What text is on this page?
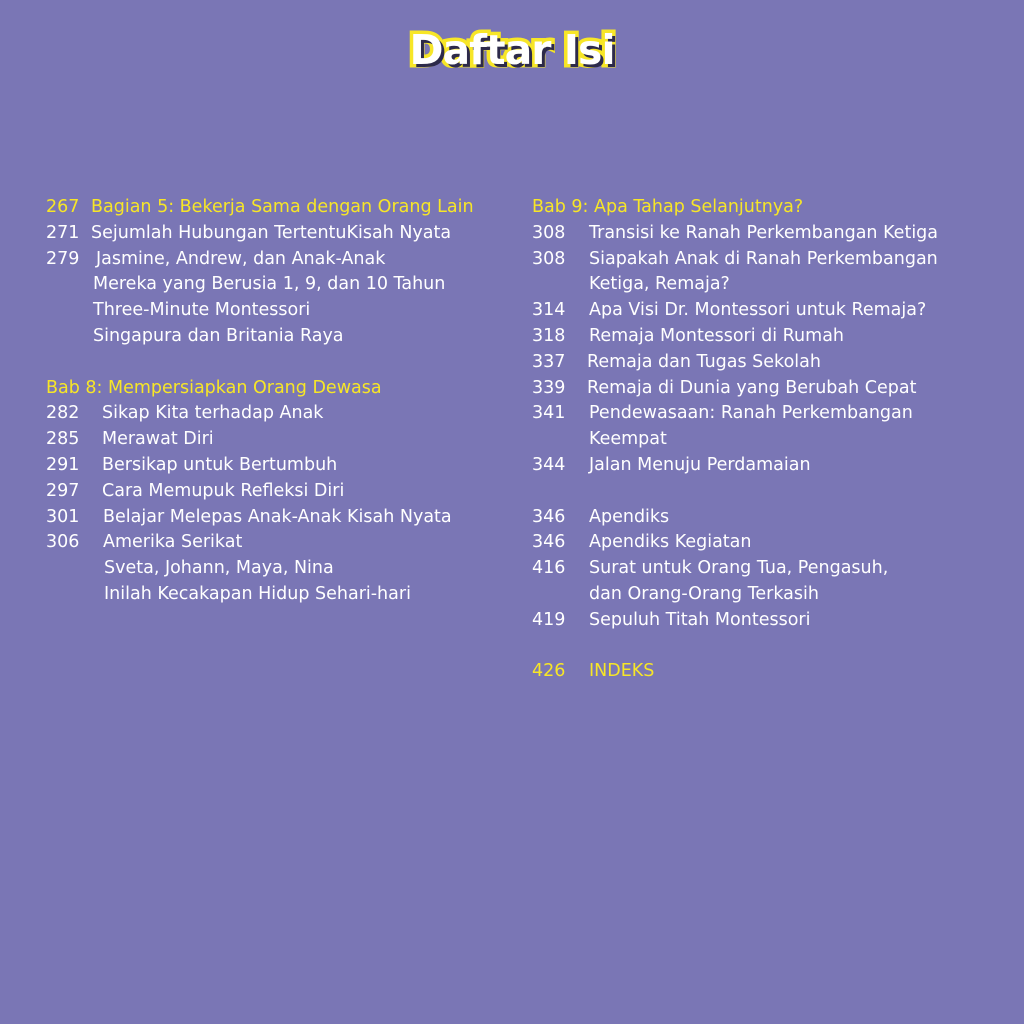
Daftar Isi
267 Bagian 5: Bekerja Sama dengan Orang Lain
271 Sejumlah Hubungan TertentuKisah Nyata
279 Jasmine, Andrew, dan Anak-Anak
Mereka yang Berusia 1, 9, dan 10 Tahun
Three-Minute Montessori
Singapura dan Britania Raya
Bab 8: Mempersiapkan Orang Dewasa
282 Sikap Kita terhadap Anak
285 Merawat Diri
291 Bersikap untuk Bertumbuh
297 Cara Memupuk Refleksi Diri
301 Belajar Melepas Anak-Anak Kisah Nyata
306 Amerika Serikat
Sveta, Johann, Maya, Nina
Inilah Kecakapan Hidup Sehari-hari
Bab 9: Apa Tahap Selanjutnya?
308 Transisi ke Ranah Perkembangan Ketiga
308 Siapakah Anak di Ranah Perkembangan
Ketiga, Remaja?
314 Apa Visi Dr. Montessori untuk Remaja?
318 Remaja Montessori di Rumah
337 Remaja dan Tugas Sekolah
339 Remaja di Dunia yang Berubah Cepat
341 Pendewasaan: Ranah Perkembangan
Keempat
344 Jalan Menuju Perdamaian
346 Apendiks
346 Apendiks Kegiatan
416 Surat untuk Orang Tua, Pengasuh,
dan Orang-Orang Terkasih
419 Sepuluh Titah Montessori
426 INDEKS
